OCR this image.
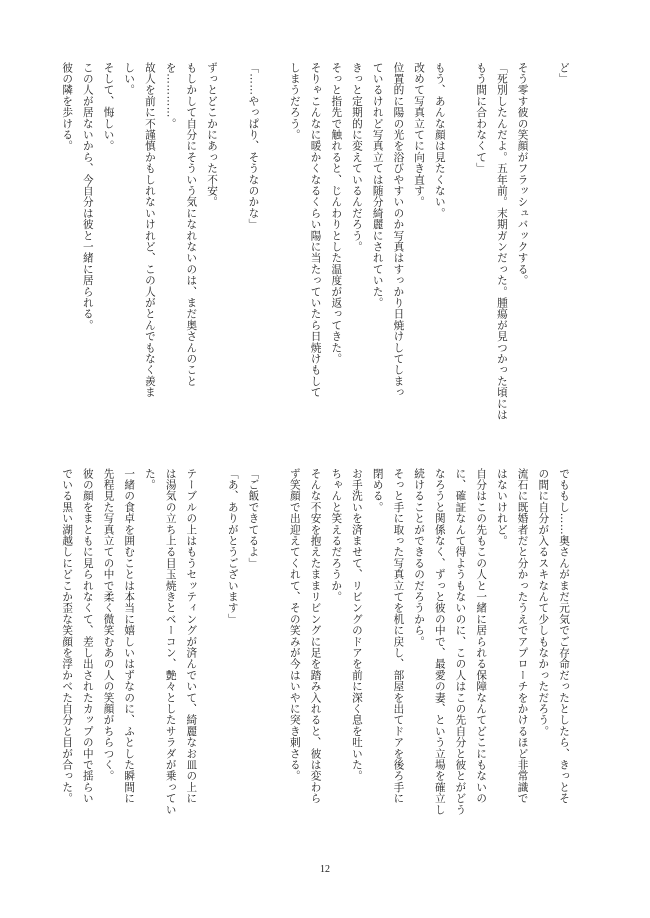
ど」

そう零す彼の笑顔がフラッシュバックする。
「死別したんだよ。五年前。末期ガンだった。腫瘍が見つかった頃には
もう間に合わなくて」

もう、あんな顔は見たくない。
改めて写真立てに向き直す。
位置的に陽の光を浴びやすいのか写真はすっかり日焼けしてしまっ
ているけれど写真立ては随分綺麗にされていた。
きっと定期的に変えているんだろう。
そっと指先で触れると、じんわりとした温度が返ってきた。
そりゃこんなに暖かくなるくらい陽に当たっていたら日焼けもして
しまうだろう。

「……やっぱり、そうなのかな」

ずっとどこかにあった不安。
もしかして自分にそういう気になれないのは、まだ奥さんのこと
を…………。
故人を前に不謹慎かもしれないけれど、この人がとんでもなく羨ま
しい。
そして、悔しい。
この人が居ないから、今自分は彼と一緒に居られる。
彼の隣を歩ける。
でももし……奥さんがまだ元気でご存命だったとしたら、きっとそ
の間に自分が入るスキなんて少しもなかっただろう。
流石に既婚者だと分かったうえでアプローチをかけるほど非常識で
はないけれど。
自分はこの先もこの人と一緒に居られる保障なんてどこにもないの
に、確証なんて得ようもないのに、この人はこの先自分と彼とがどう
なろうと関係なく、ずっと彼の中で、最愛の妻、という立場を確立し
続けることができるのだろうから。
そっと手に取った写真立てを机に戻し、部屋を出てドアを後ろ手に
閉める。
お手洗いを済ませて、リビングのドアを前に深く息を吐いた。
ちゃんと笑えるだろうか。
そんな不安を抱えたままリビングに足を踏み入れると、彼は変わら
ず笑顔で出迎えてくれて、その笑みが今はいやに突き刺さる。

「ご飯できてるよ」
「あ、ありがとうございます」

テーブルの上はもうセッティングが済んでいて、綺麗なお皿の上に
は湯気の立ち上る目玉焼きとベーコン、艶々としたサラダが乗ってい
た。
一緒の食卓を囲むことは本当に嬉しいはずなのに、ふとした瞬間に
先程見た写真立ての中で柔く微笑むあの人の笑顔がちらつく。
彼の顔をまともに見られなくて、差し出されたカップの中で揺らい
でいる黒い湖越しにどこか歪な笑顔を浮かべた自分と目が合った。
12
